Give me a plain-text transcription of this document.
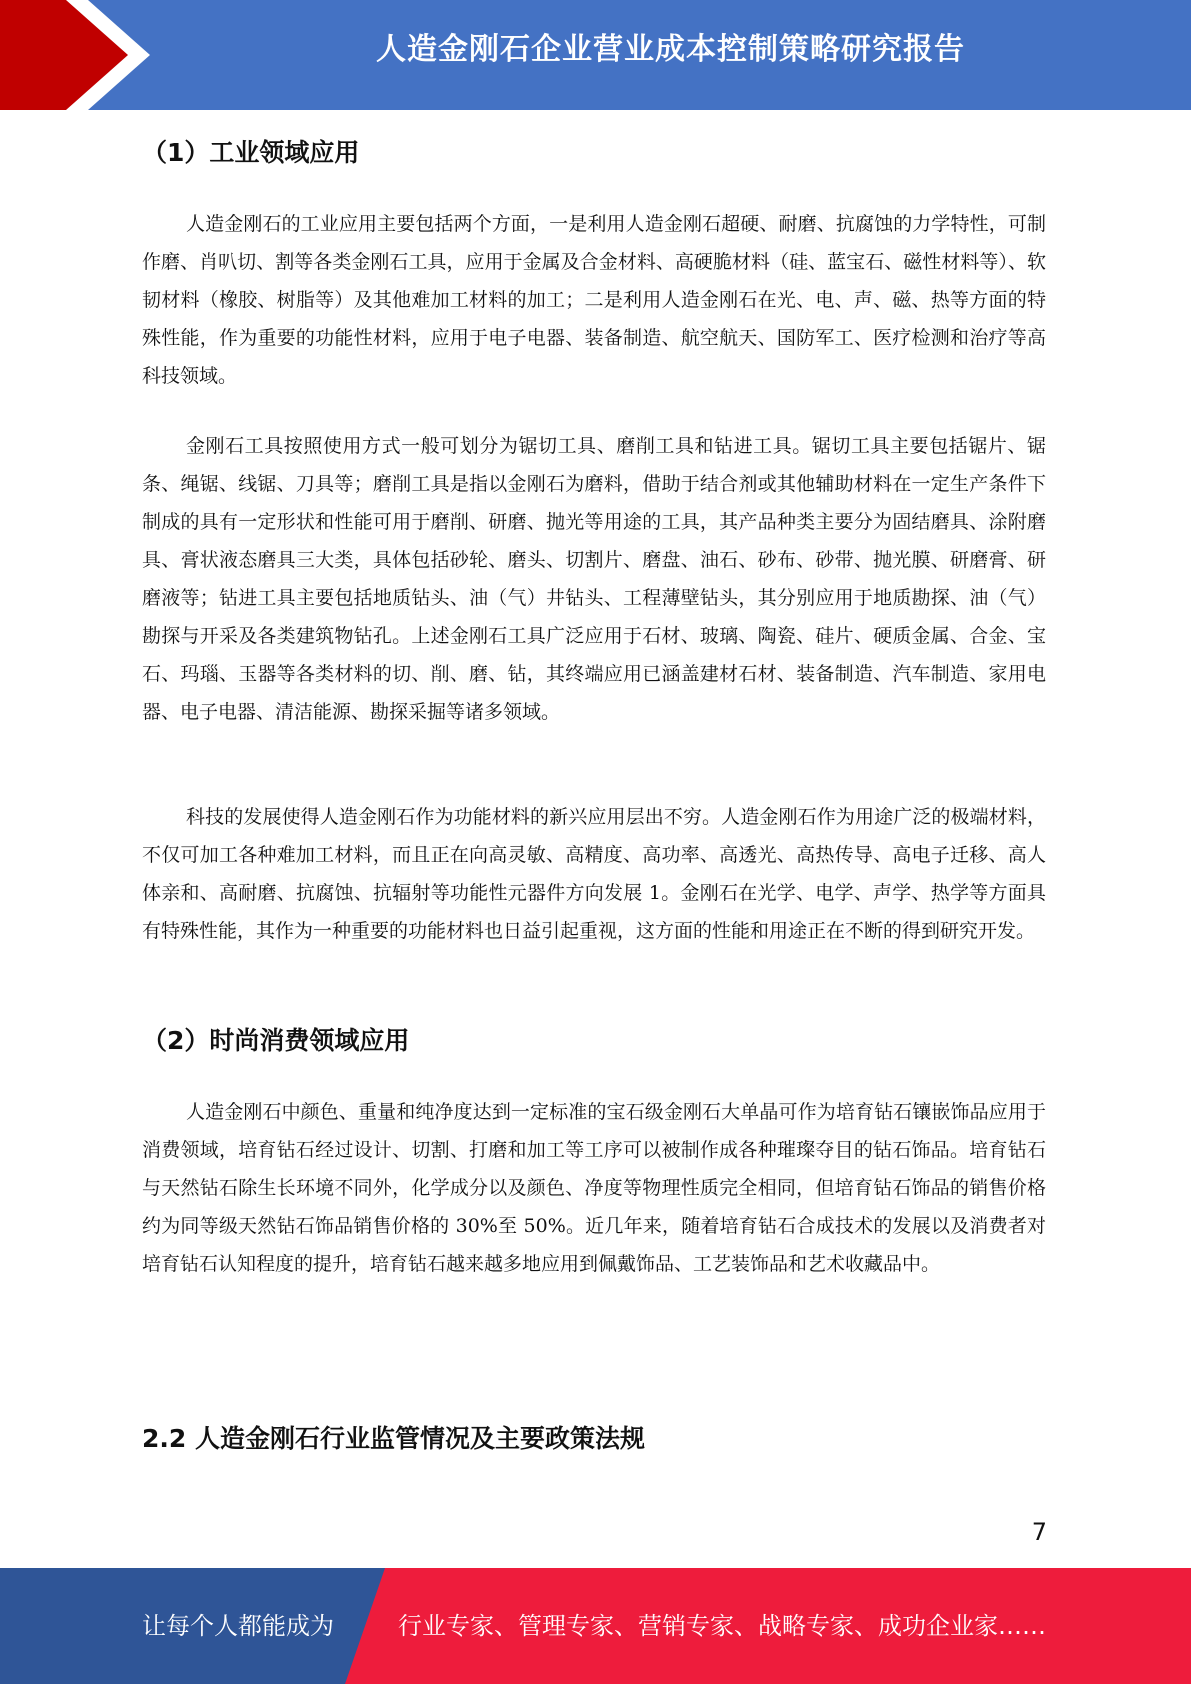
人造金刚石企业营业成本控制策略研究报告
（1）工业领域应用

人造金刚石的工业应用主要包括两个方面，一是利用人造金刚石超硬、耐磨、抗腐蚀的力学特性，可制作磨、肖叭切、割等各类金刚石工具，应用于金属及合金材料、高硬脆材料（硅、蓝宝石、磁性材料等）、软韧材料（橡胶、树脂等）及其他难加工材料的加工；二是利用人造金刚石在光、电、声、磁、热等方面的特殊性能，作为重要的功能性材料，应用于电子电器、装备制造、航空航天、国防军工、医疗检测和治疗等高科技领域。

金刚石工具按照使用方式一般可划分为锯切工具、磨削工具和钻进工具。锯切工具主要包括锯片、锯条、绳锯、线锯、刀具等；磨削工具是指以金刚石为磨料，借助于结合剂或其他辅助材料在一定生产条件下制成的具有一定形状和性能可用于磨削、研磨、抛光等用途的工具，其产品种类主要分为固结磨具、涂附磨具、膏状液态磨具三大类，具体包括砂轮、磨头、切割片、磨盘、油石、砂布、砂带、抛光膜、研磨膏、研磨液等；钻进工具主要包括地质钻头、油（气）井钻头、工程薄壁钻头，其分别应用于地质勘探、油（气）勘探与开采及各类建筑物钻孔。上述金刚石工具广泛应用于石材、玻璃、陶瓷、硅片、硬质金属、合金、宝石、玛瑙、玉器等各类材料的切、削、磨、钻，其终端应用已涵盖建材石材、装备制造、汽车制造、家用电器、电子电器、清洁能源、勘探采掘等诸多领域。

科技的发展使得人造金刚石作为功能材料的新兴应用层出不穷。人造金刚石作为用途广泛的极端材料，不仅可加工各种难加工材料，而且正在向高灵敏、高精度、高功率、高透光、高热传导、高电子迁移、高人体亲和、高耐磨、抗腐蚀、抗辐射等功能性元器件方向发展 1。金刚石在光学、电学、声学、热学等方面具有特殊性能，其作为一种重要的功能材料也日益引起重视，这方面的性能和用途正在不断的得到研究开发。

（2）时尚消费领域应用

人造金刚石中颜色、重量和纯净度达到一定标准的宝石级金刚石大单晶可作为培育钻石镶嵌饰品应用于消费领域，培育钻石经过设计、切割、打磨和加工等工序可以被制作成各种璀璨夺目的钻石饰品。培育钻石与天然钻石除生长环境不同外，化学成分以及颜色、净度等物理性质完全相同，但培育钻石饰品的销售价格约为同等级天然钻石饰品销售价格的 30%至 50%。近几年来，随着培育钻石合成技术的发展以及消费者对培育钻石认知程度的提升，培育钻石越来越多地应用到佩戴饰品、工艺装饰品和艺术收藏品中。

2.2 人造金刚石行业监管情况及主要政策法规
7
让每个人都能成为	行业专家、管理专家、营销专家、战略专家、成功企业家……
